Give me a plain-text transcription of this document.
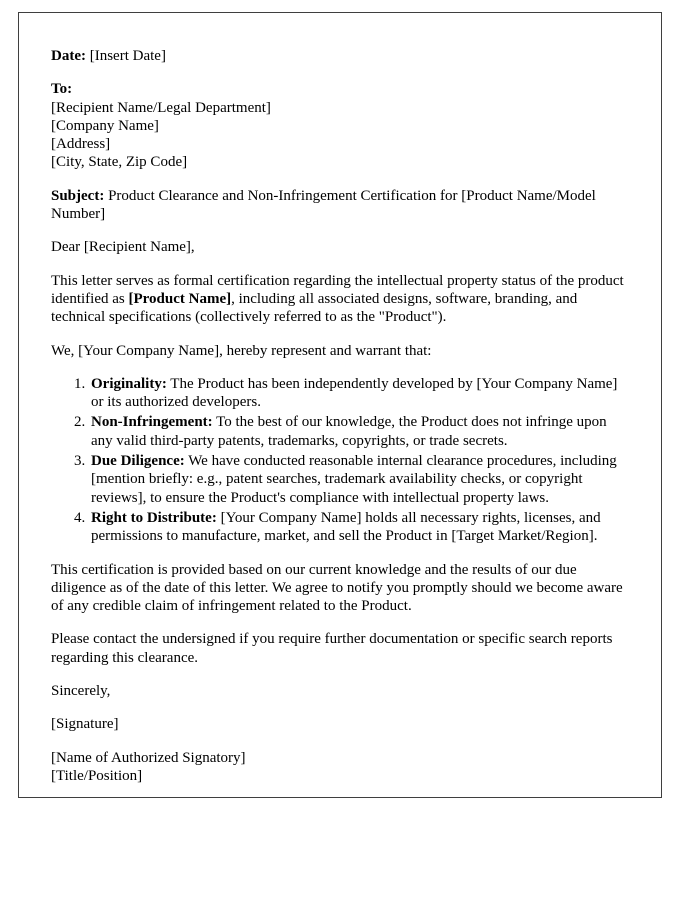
Date: [Insert Date]

To:
[Recipient Name/Legal Department]
[Company Name]
[Address]
[City, State, Zip Code]

Subject: Product Clearance and Non-Infringement Certification for [Product Name/Model Number]

Dear [Recipient Name],

This letter serves as formal certification regarding the intellectual property status of the product identified as [Product Name], including all associated designs, software, branding, and technical specifications (collectively referred to as the "Product").

We, [Your Company Name], hereby represent and warrant that:

1. Originality: The Product has been independently developed by [Your Company Name] or its authorized developers.
2. Non-Infringement: To the best of our knowledge, the Product does not infringe upon any valid third-party patents, trademarks, copyrights, or trade secrets.
3. Due Diligence: We have conducted reasonable internal clearance procedures, including [mention briefly: e.g., patent searches, trademark availability checks, or copyright reviews], to ensure the Product's compliance with intellectual property laws.
4. Right to Distribute: [Your Company Name] holds all necessary rights, licenses, and permissions to manufacture, market, and sell the Product in [Target Market/Region].

This certification is provided based on our current knowledge and the results of our due diligence as of the date of this letter. We agree to notify you promptly should we become aware of any credible claim of infringement related to the Product.

Please contact the undersigned if you require further documentation or specific search reports regarding this clearance.

Sincerely,

[Signature]

[Name of Authorized Signatory]
[Title/Position]
